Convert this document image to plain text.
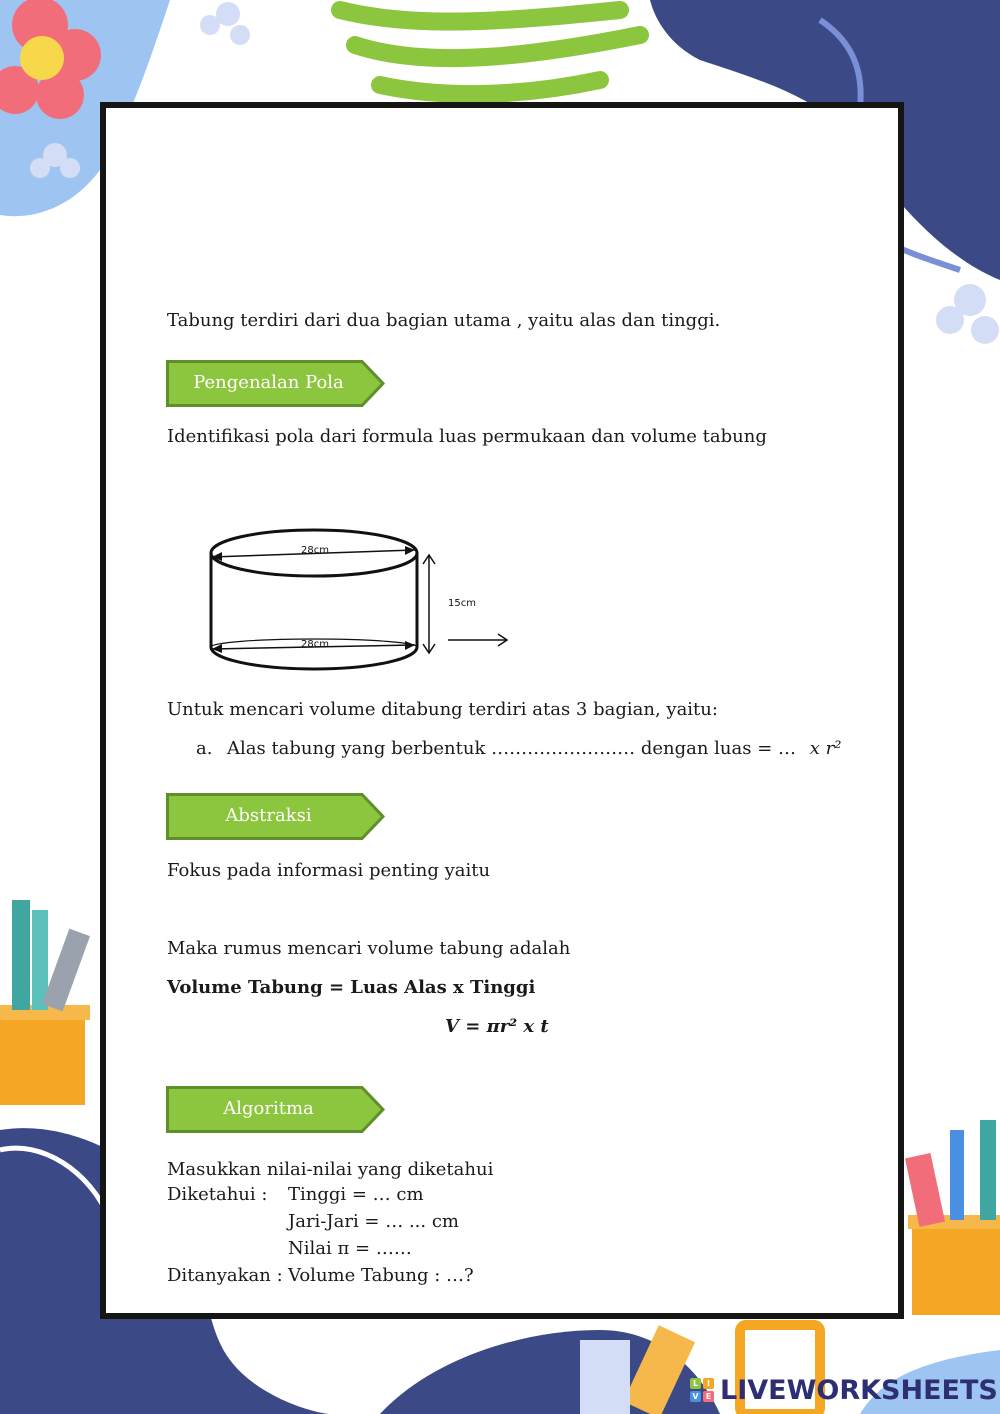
Tabung terdiri dari dua bagian utama , yaitu alas dan tinggi.
Pengenalan Pola
Identifikasi pola dari formula luas permukaan dan volume tabung
28cm
28cm
15cm
Untuk mencari volume ditabung terdiri atas 3 bagian, yaitu:
a. Alas tabung yang berbentuk …………………… dengan luas = … x r²
Abstraksi
Fokus pada informasi penting yaitu
Maka rumus mencari volume tabung adalah
Volume Tabung = Luas Alas x Tinggi
V = πr² x t
Algoritma
Masukkan nilai-nilai yang diketahui
Diketahui : Tinggi = … cm
Jari-Jari = … ... cm
Nilai π = ……
Ditanyakan : Volume Tabung : …?
L	I
V E LIVEWORKSHEETS
